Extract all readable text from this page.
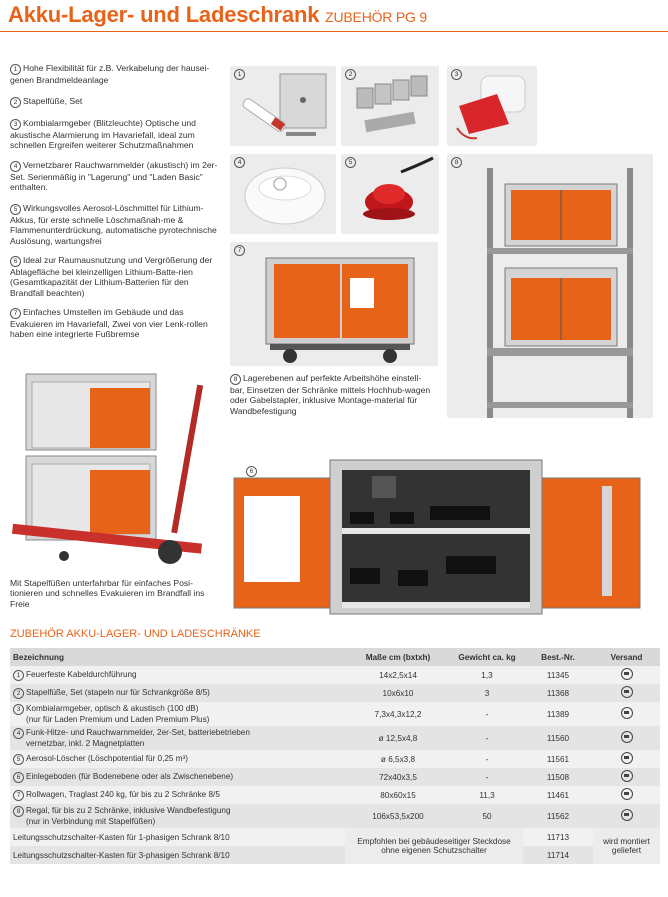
Akku-Lager- und Ladeschrank ZUBEHÖR PG 9
1 Hohe Flexibilität für z.B. Verkabelung der hausei-genen Brandmeldeanlage
2 Stapelfüße, Set
3 Kombialarmgeber (Blitzleuchte) Optische und akustische Alarmierung im Havariefall, ideal zum schnellen Ergreifen weiterer Schutzmaßnahmen
4 Vernetzbarer Rauchwarnmelder (akustisch) im 2er-Set. Serienmäßig in "Lagerung" und "Laden Basic" enthalten.
5 Wirkungsvolles Aerosol-Löschmittel für Lithium-Akkus, für erste schnelle Löschmaßnah-me & Flammenunterdrückung, automatische pyrotechnische Auslösung, wartungsfrei
6 Ideal zur Raumausnutzung und Vergrößerung der Ablagefläche bei kleinzelligen Lithium-Batte-rien (Gesamtkapazität der Lithium-Batterien für den Brandfall beachten)
7 Einfaches Umstellen im Gebäude und das Evakuieren im Havariefall, Zwei von vier Lenk-rollen haben eine integrierte Fußbremse
1	2	3
4	5	8
7
8 Lagerebenen auf perfekte Arbeitshöhe einstell-bar, Einsetzen der Schränke mittels Hochhub-wagen oder Gabelstapler, inklusive Montage-material für Wandbefestigung
Mit Stapelfüßen unterfahrbar für einfaches Posi-tionieren und schnelles Evakuieren im Brandfall ins Freie
6
ZUBEHÖR AKKU-LAGER- UND LADESCHRÄNKE
Bezeichnung	Maße cm (bxtxh)	Gewicht ca. kg	Best.-Nr.	Versand
1 Feuerfeste Kabeldurchführung	14x2,5x14	1,3	11345	
2 Stapelfüße, Set (stapeln nur für Schrankgröße 8/5)	10x6x10	3	11368	
3 Kombialarmgeber, optisch & akustisch (100 dB)
(nur für Laden Premium und Laden Premium Plus)	7,3x4,3x12,2	-	11389	
4 Funk-Hitze- und Rauchwarnmelder, 2er-Set, batteriebetrieben
vernetzbar, inkl. 2 Magnetplatten	ø 12,5x4,8	-	11560	
5 Aerosol-Löscher (Löschpotential für 0,25 m³)	ø 6,5x3,8	-	11561	
6 Einlegeboden (für Bodenebene oder als Zwischenebene)	72x40x3,5	-	11508	
7 Rollwagen, Traglast 240 kg, für bis zu 2 Schränke 8/5	80x60x15	11,3	11461	
8 Regal, für bis zu 2 Schränke, inklusive Wandbefestigung
(nur in Verbindung mit Stapelfüßen)	106x53,5x200	50	11562	
Leitungsschutzschalter-Kasten für 1-phasigen Schrank 8/10	Empfohlen bei gebäudeseitiger Steckdose ohne eigenen Schutzschalter		11713	wird montiert geliefert
Leitungsschutzschalter-Kasten für 3-phasigen Schrank 8/10			11714	
